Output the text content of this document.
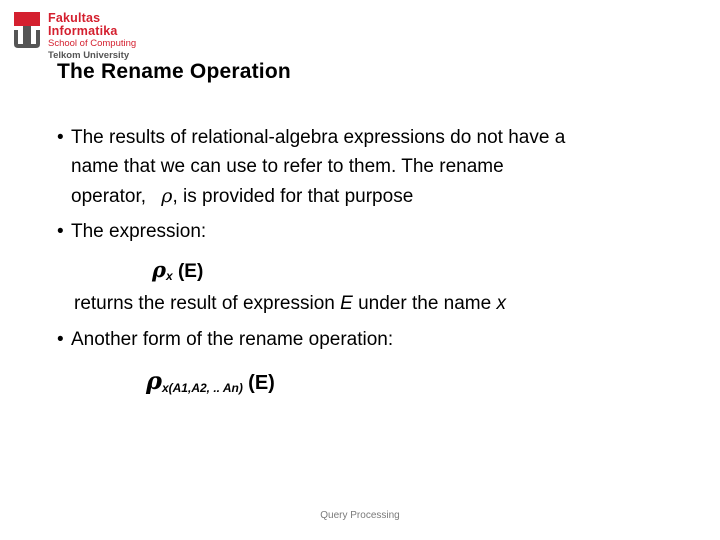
Fakultas Informatika
School of Computing
Telkom University
The Rename Operation
• The results of relational-algebra expressions do not have a
name that we can use to refer to them. The rename
operator, ρ, is provided for that purpose
• The expression:
ρx (E)
returns the result of expression E under the name x
• Another form of the rename operation:
ρx(A1,A2, .. An) (E)
Query Processing
